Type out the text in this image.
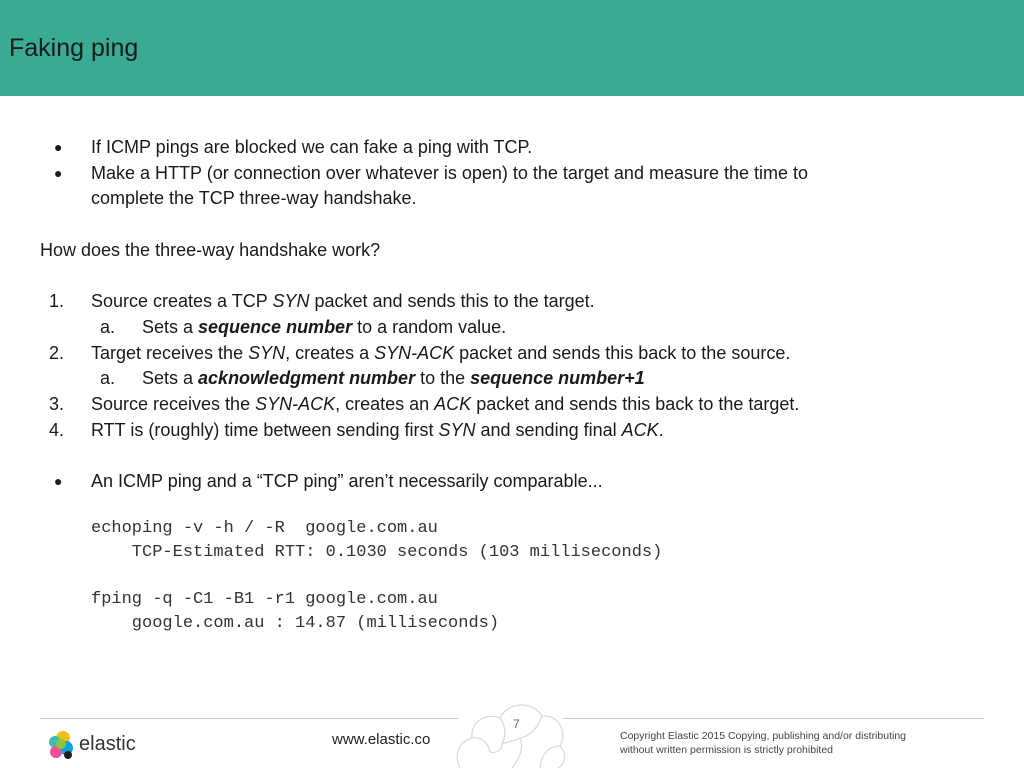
Faking ping
● If ICMP pings are blocked we can fake a ping with TCP.
● Make a HTTP (or connection over whatever is open) to the target and measure the time to
complete the TCP three-way handshake.
How does the three-way handshake work?
1. Source creates a TCP SYN packet and sends this to the target.
a. Sets a sequence number to a random value.
2. Target receives the SYN, creates a SYN-ACK packet and sends this back to the source.
a. Sets a acknowledgment number to the sequence number+1
3. Source receives the SYN-ACK, creates an ACK packet and sends this back to the target.
4. RTT is (roughly) time between sending first SYN and sending final ACK.
● An ICMP ping and a “TCP ping” aren’t necessarily comparable...
echoping -v -h / -R  google.com.au
TCP-Estimated RTT: 0.1030 seconds (103 milliseconds)
fping -q -C1 -B1 -r1 google.com.au
google.com.au : 14.87 (milliseconds)
7
elastic	www.elastic.co	Copyright Elastic 2015 Copying, publishing and/or distributing without written permission is strictly prohibited
